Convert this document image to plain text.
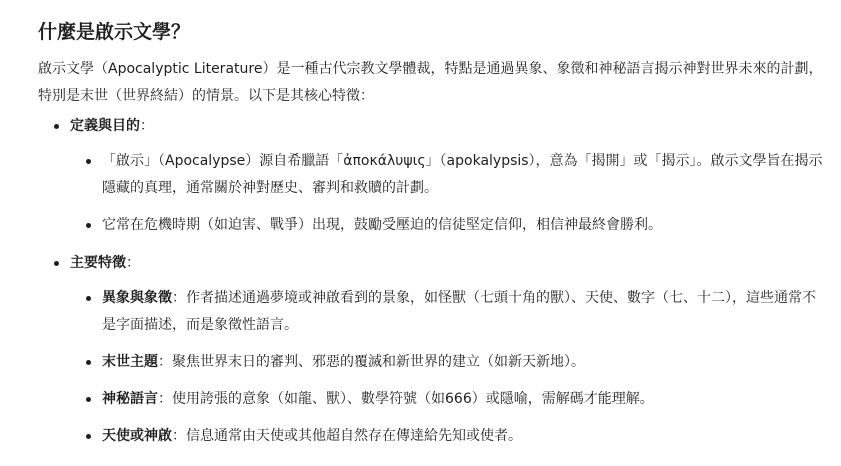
什麼是啟示文學？

啟示文學（Apocalyptic Literature）是一種古代宗教文學體裁，特點是通過異象、象徵和神秘語言揭示神對世界未來的計劃，特別是末世（世界終結）的情景。以下是其核心特徵：

定義與目的：
「啟示」（Apocalypse）源自希臘語「ἀποκάλυψις」（apokalypsis），意為「揭開」或「揭示」。啟示文學旨在揭示隱藏的真理，通常關於神對歷史、審判和救贖的計劃。
它常在危機時期（如迫害、戰爭）出現，鼓勵受壓迫的信徒堅定信仰，相信神最終會勝利。
主要特徵：
異象與象徵：作者描述通過夢境或神啟看到的景象，如怪獸（七頭十角的獸）、天使、數字（七、十二），這些通常不是字面描述，而是象徵性語言。
末世主題：聚焦世界末日的審判、邪惡的覆滅和新世界的建立（如新天新地）。
神秘語言：使用誇張的意象（如龍、獸）、數學符號（如666）或隱喻，需解碼才能理解。
天使或神啟：信息通常由天使或其他超自然存在傳達給先知或使者。
